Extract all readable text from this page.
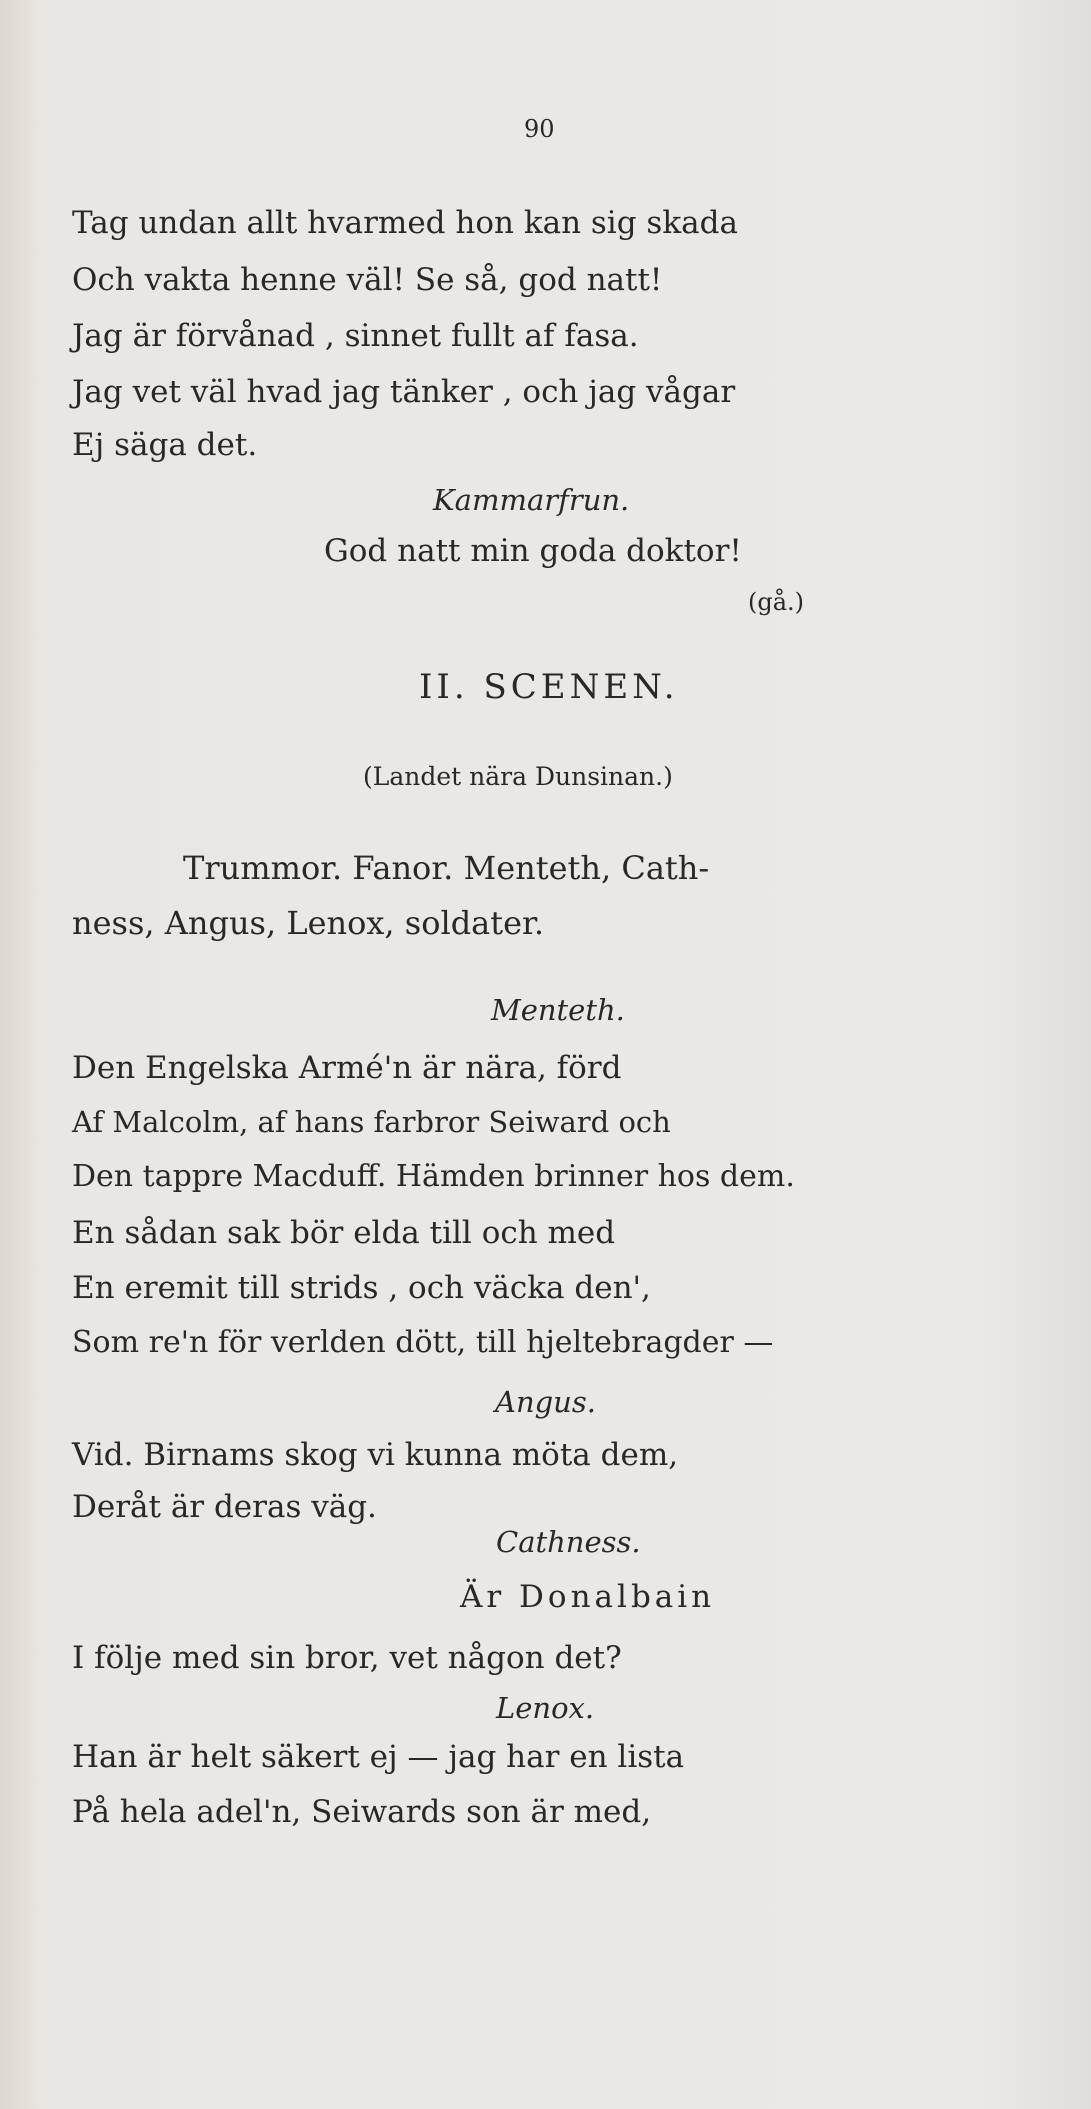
90
Tag undan allt hvarmed hon kan sig skada
Och vakta henne väl! Se så, god natt!
Jag är förvånad , sinnet fullt af fasa.
Jag vet väl hvad jag tänker , och jag vågar
Ej säga det.
Kammarfrun.
God natt min goda doktor!
(gå.)
II. SCENEN.
(Landet nära Dunsinan.)
Trummor. Fanor. Menteth, Cath-
ness, Angus, Lenox, soldater.
Menteth.
Den Engelska Armé'n är nära, förd
Af Malcolm, af hans farbror Seiward och
Den tappre Macduff. Hämden brinner hos dem.
En sådan sak bör elda till och med
En eremit till strids , och väcka den',
Som re'n för verlden dött, till hjeltebragder —
Angus.
Vid. Birnams skog vi kunna möta dem,
Deråt är deras väg.
Cathness.
Är Donalbain
I följe med sin bror, vet någon det?
Lenox.
Han är helt säkert ej — jag har en lista
På hela adel'n, Seiwards son är med,
